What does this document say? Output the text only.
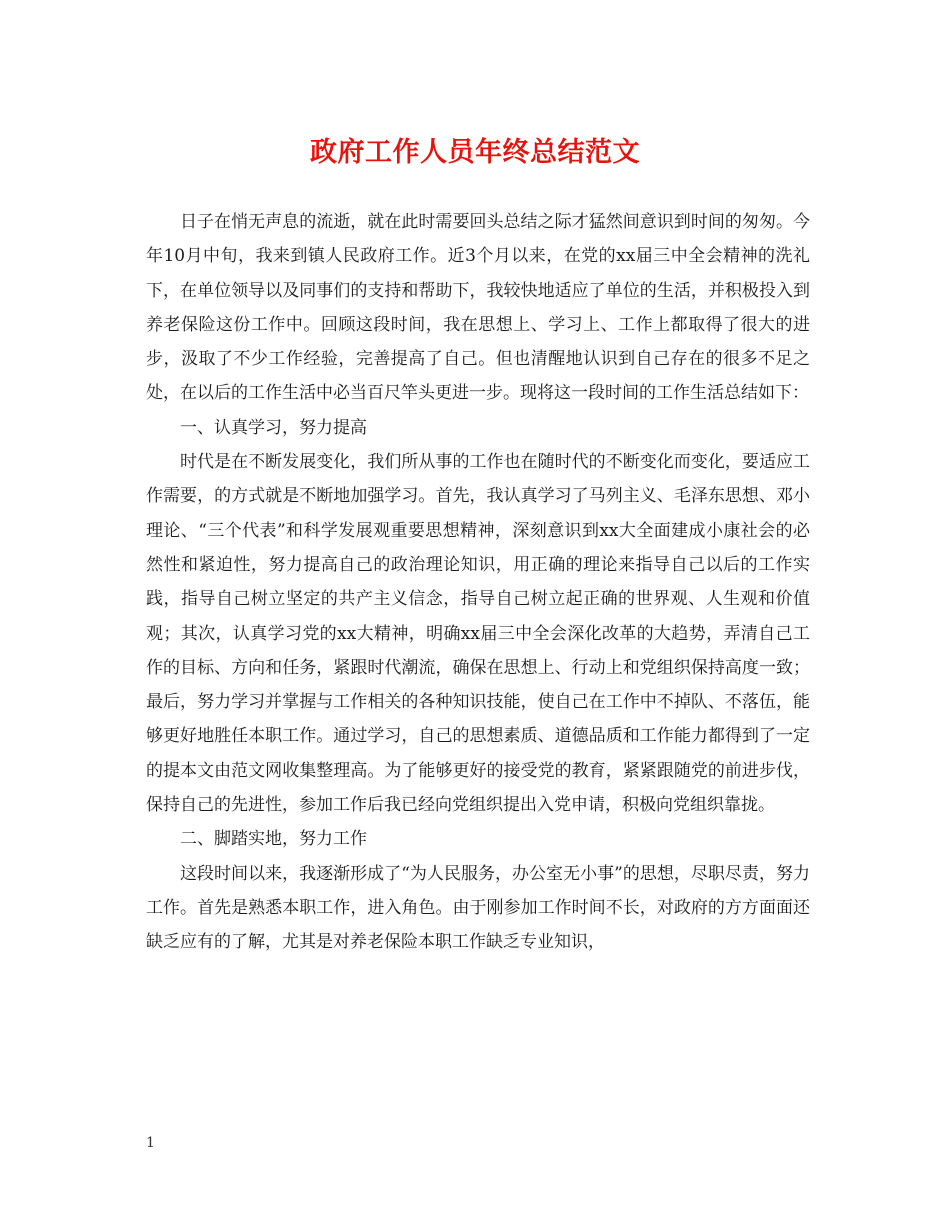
政府工作人员年终总结范文

日子在悄无声息的流逝，就在此时需要回头总结之际才猛然间意识到时间的匆匆。今年10月中旬，我来到镇人民政府工作。近3个月以来，在党的xx届三中全会精神的洗礼下，在单位领导以及同事们的支持和帮助下，我较快地适应了单位的生活，并积极投入到养老保险这份工作中。回顾这段时间，我在思想上、学习上、工作上都取得了很大的进步，汲取了不少工作经验，完善提高了自己。但也清醒地认识到自己存在的很多不足之处，在以后的工作生活中必当百尺竿头更进一步。现将这一段时间的工作生活总结如下：

一、认真学习，努力提高

时代是在不断发展变化，我们所从事的工作也在随时代的不断变化而变化，要适应工作需要，的方式就是不断地加强学习。首先，我认真学习了马列主义、毛泽东思想、邓小理论、“三个代表”和科学发展观重要思想精神，深刻意识到xx大全面建成小康社会的必然性和紧迫性，努力提高自己的政治理论知识，用正确的理论来指导自己以后的工作实践，指导自己树立坚定的共产主义信念，指导自己树立起正确的世界观、人生观和价值观；其次，认真学习党的xx大精神，明确xx届三中全会深化改革的大趋势，弄清自己工作的目标、方向和任务，紧跟时代潮流，确保在思想上、行动上和党组织保持高度一致；最后，努力学习并掌握与工作相关的各种知识技能，使自己在工作中不掉队、不落伍，能够更好地胜任本职工作。通过学习，自己的思想素质、道德品质和工作能力都得到了一定的提本文由范文网收集整理高。为了能够更好的接受党的教育，紧紧跟随党的前进步伐，保持自己的先进性，参加工作后我已经向党组织提出入党申请，积极向党组织靠拢。

二、脚踏实地，努力工作

这段时间以来，我逐渐形成了“为人民服务，办公室无小事”的思想，尽职尽责，努力工作。首先是熟悉本职工作，进入角色。由于刚参加工作时间不长，对政府的方方面面还缺乏应有的了解，尤其是对养老保险本职工作缺乏专业知识，

1
